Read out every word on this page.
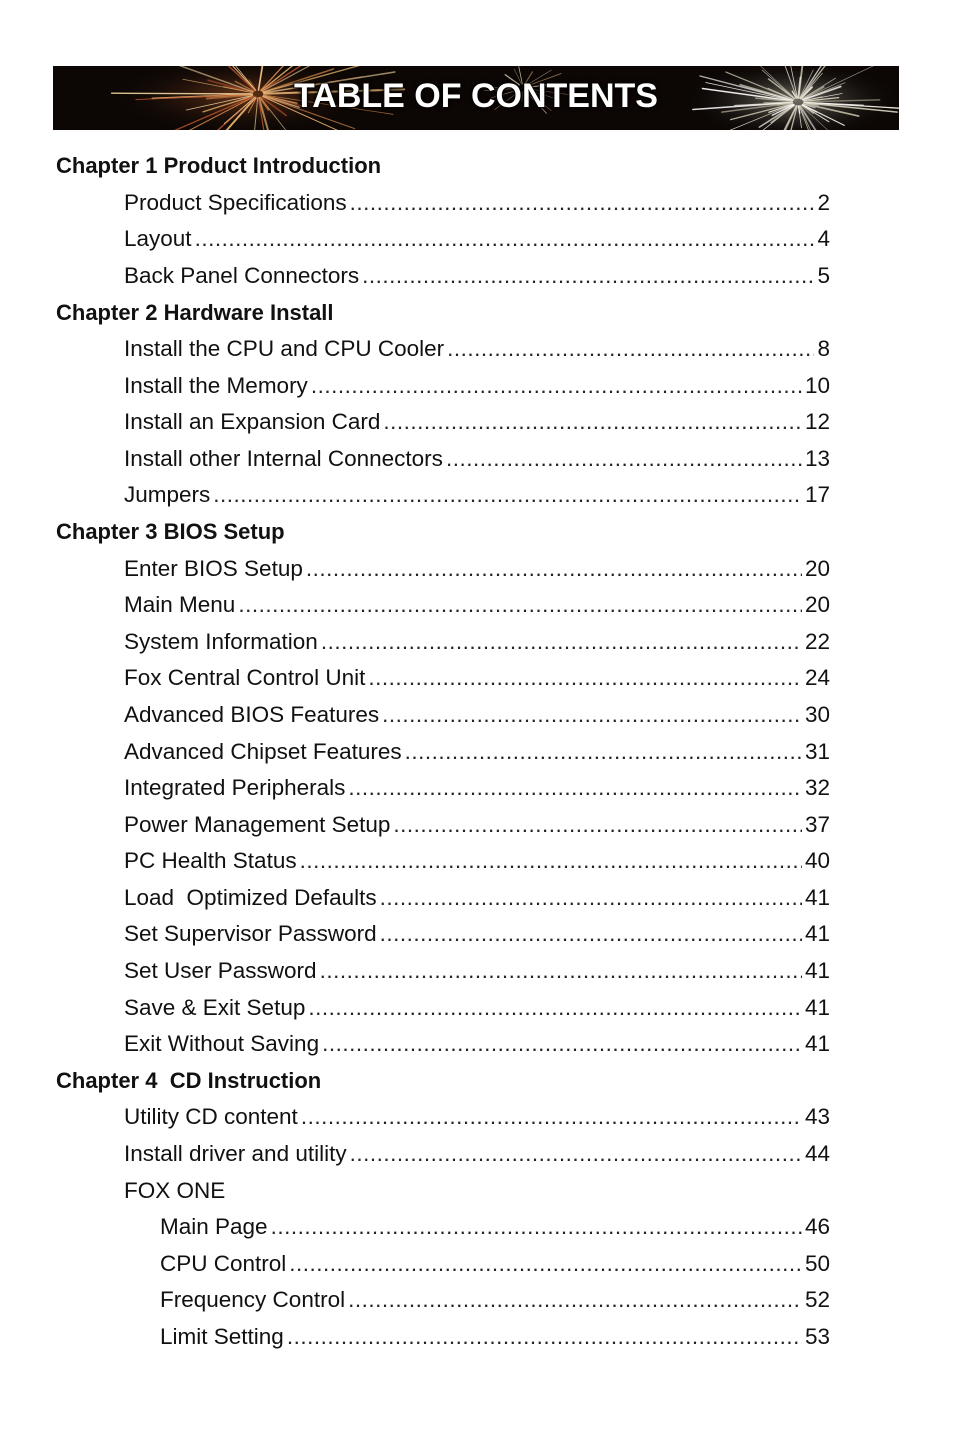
TABLE OF CONTENTS
Chapter 1 Product Introduction
Product Specifications .....	2
Layout .....	4
Back Panel Connectors .....	5
Chapter 2 Hardware Install
Install the CPU and CPU Cooler .....	8
Install the Memory .....	10
Install an Expansion Card .....	12
Install other Internal Connectors .....	13
Jumpers .....	17
Chapter 3 BIOS Setup
Enter BIOS Setup .....	20
Main Menu .....	20
System Information .....	22
Fox Central Control Unit .....	24
Advanced BIOS Features .....	30
Advanced Chipset Features .....	31
Integrated Peripherals .....	32
Power Management Setup .....	37
PC Health Status .....	40
Load  Optimized Defaults .....	41
Set Supervisor Password .....	41
Set User Password .....	41
Save & Exit Setup .....	41
Exit Without Saving .....	41
Chapter 4  CD Instruction
Utility CD content .....	43
Install driver and utility .....	44
FOX ONE
Main Page .....	46
CPU Control .....	50
Frequency Control .....	52
Limit Setting .....	53
